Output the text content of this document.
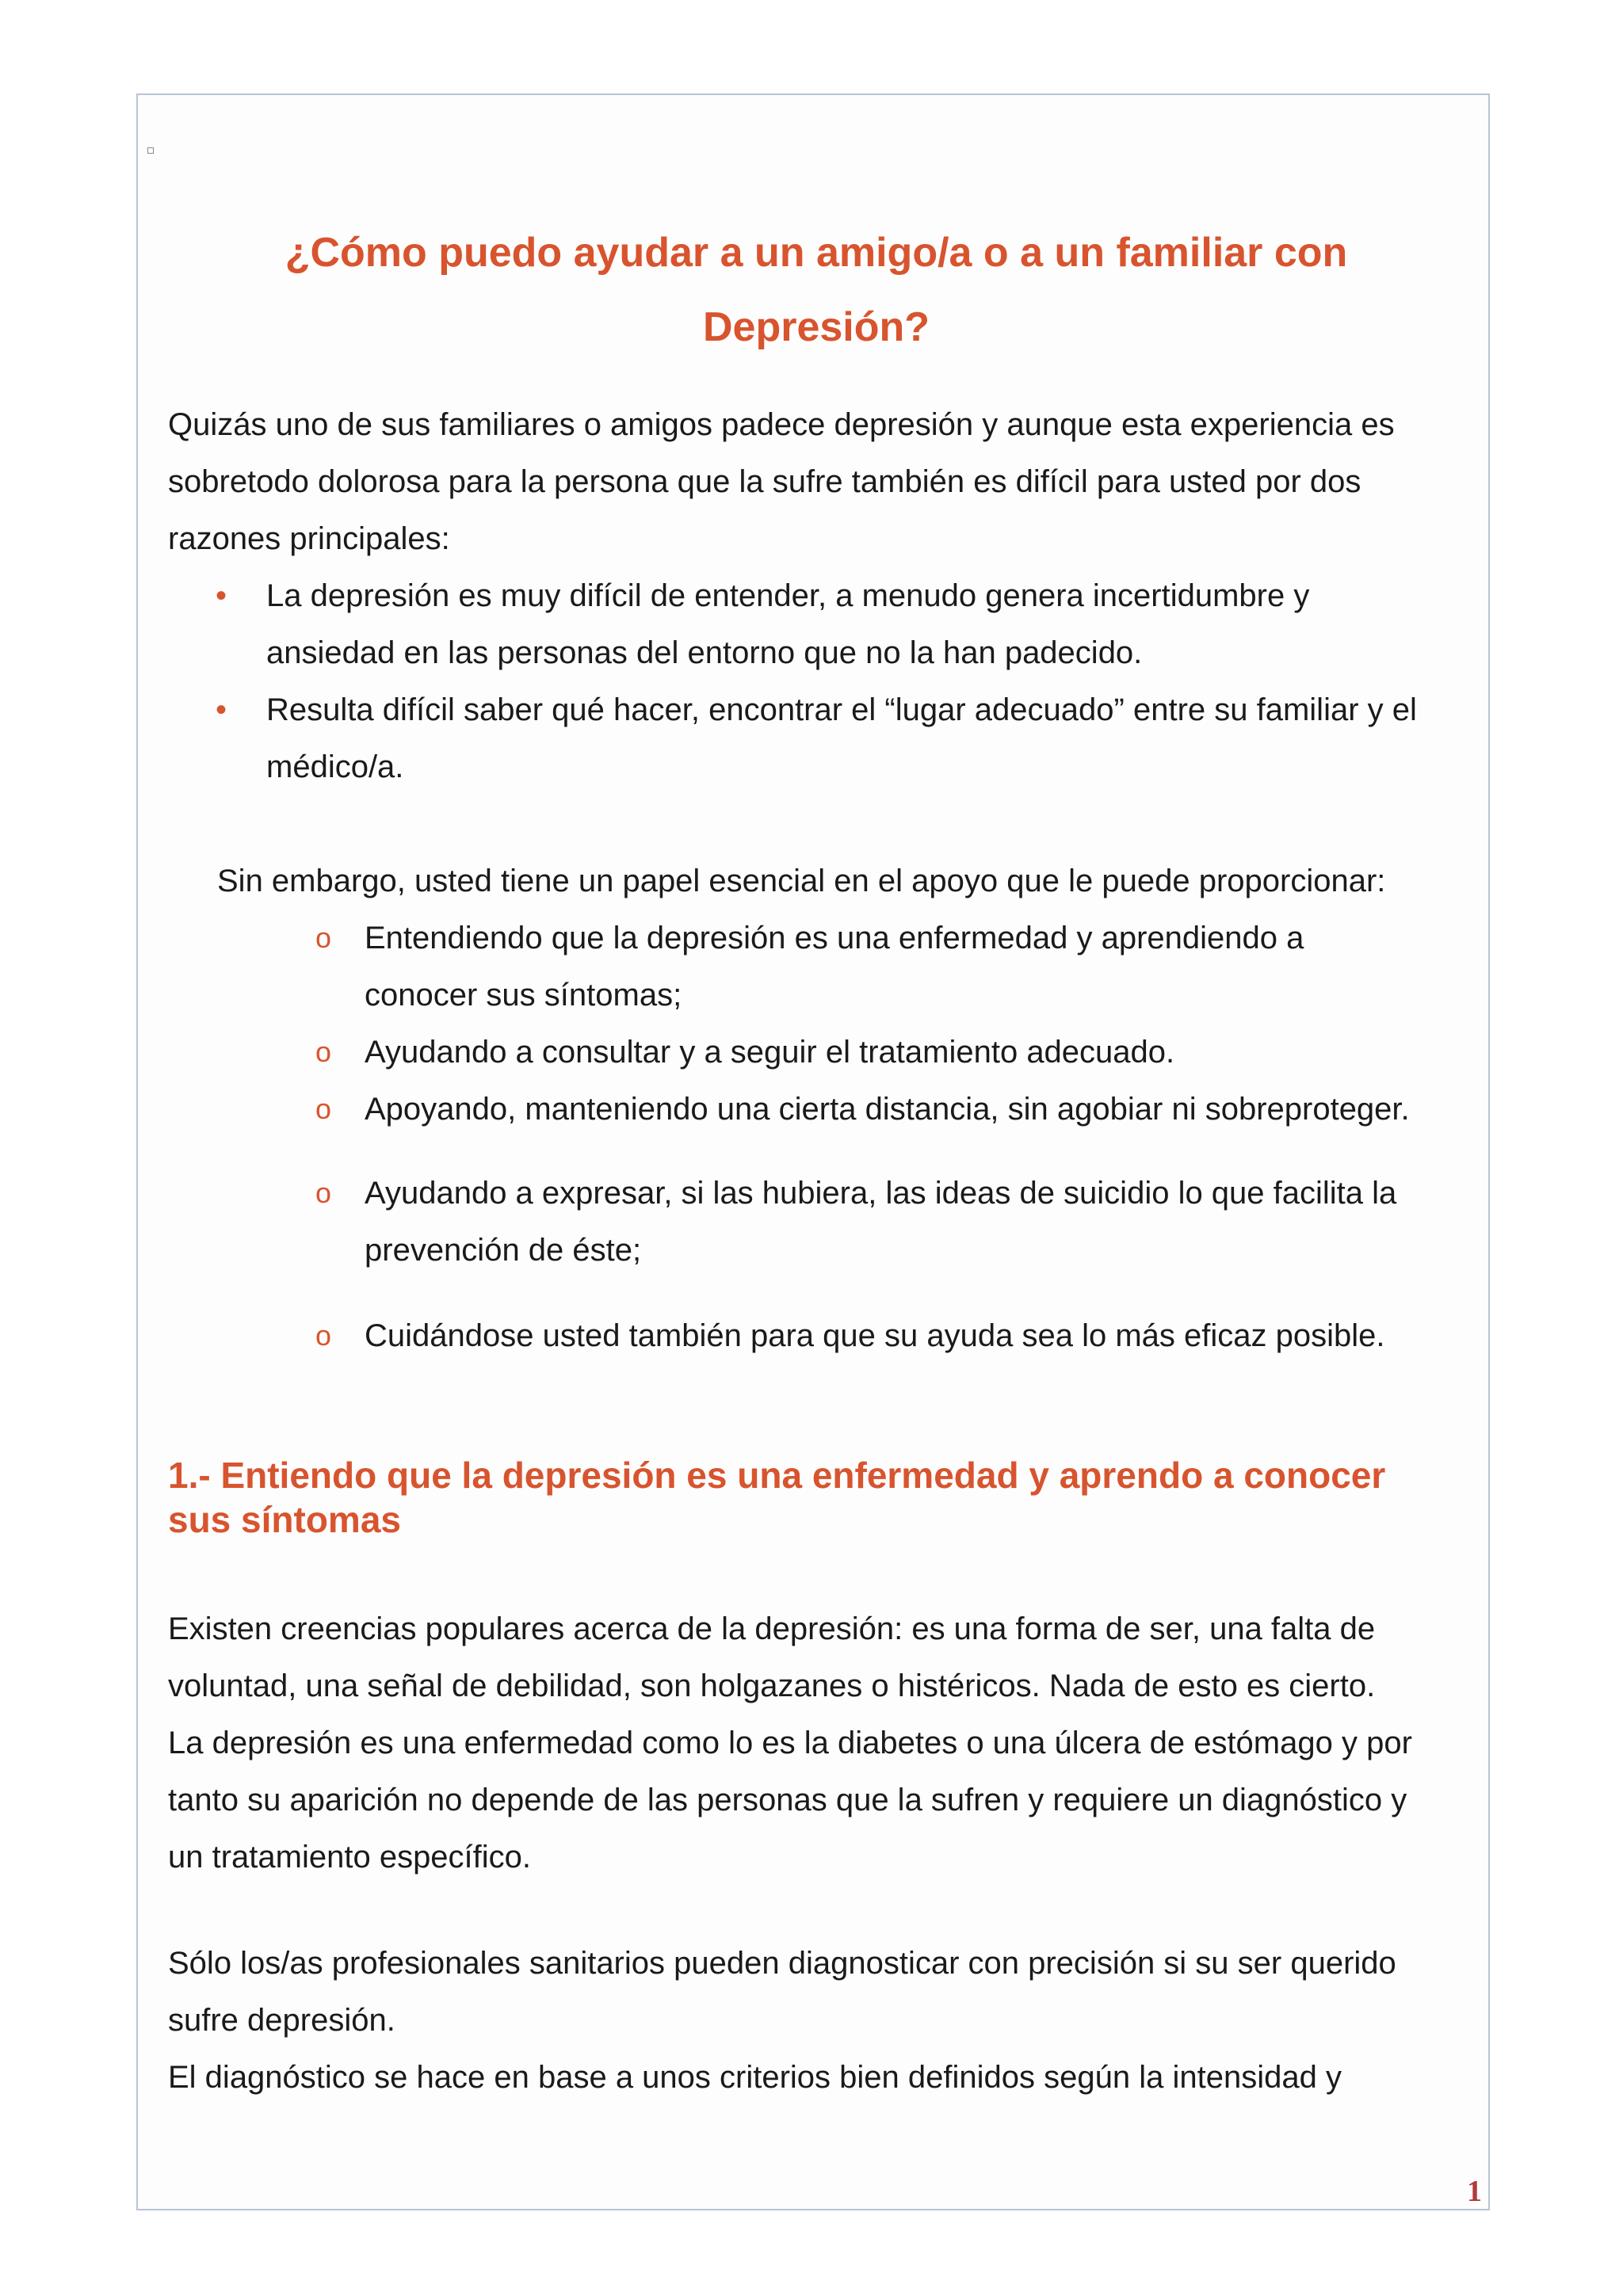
¿Cómo puedo ayudar a un amigo/a o a un familiar con
Depresión?

Quizás uno de sus familiares o amigos padece depresión y aunque esta experiencia es
sobretodo dolorosa para la persona que la sufre también es difícil para usted por dos
razones principales:

• La depresión es muy difícil de entender, a menudo genera incertidumbre y
ansiedad en las personas del entorno que no la han padecido.
• Resulta difícil saber qué hacer, encontrar el “lugar adecuado” entre su familiar y el
médico/a.

Sin embargo, usted tiene un papel esencial en el apoyo que le puede proporcionar:

o Entendiendo que la depresión es una enfermedad y aprendiendo a
conocer sus síntomas;
o Ayudando a consultar y a seguir el tratamiento adecuado.
o Apoyando, manteniendo una cierta distancia, sin agobiar ni sobreproteger.
o Ayudando a expresar, si las hubiera, las ideas de suicidio lo que facilita la
prevención de éste;
o Cuidándose usted también para que su ayuda sea lo más eficaz posible.
1.- Entiendo que la depresión es una enfermedad y aprendo a conocer
sus síntomas

Existen creencias populares acerca de la depresión: es una forma de ser, una falta de
voluntad, una señal de debilidad, son holgazanes o histéricos. Nada de esto es cierto.
La depresión es una enfermedad como lo es la diabetes o una úlcera de estómago y por
tanto su aparición no depende de las personas que la sufren y requiere un diagnóstico y
un tratamiento específico.

Sólo los/as profesionales sanitarios pueden diagnosticar con precisión si su ser querido
sufre depresión.
El diagnóstico se hace en base a unos criterios bien definidos según la intensidad y

1
